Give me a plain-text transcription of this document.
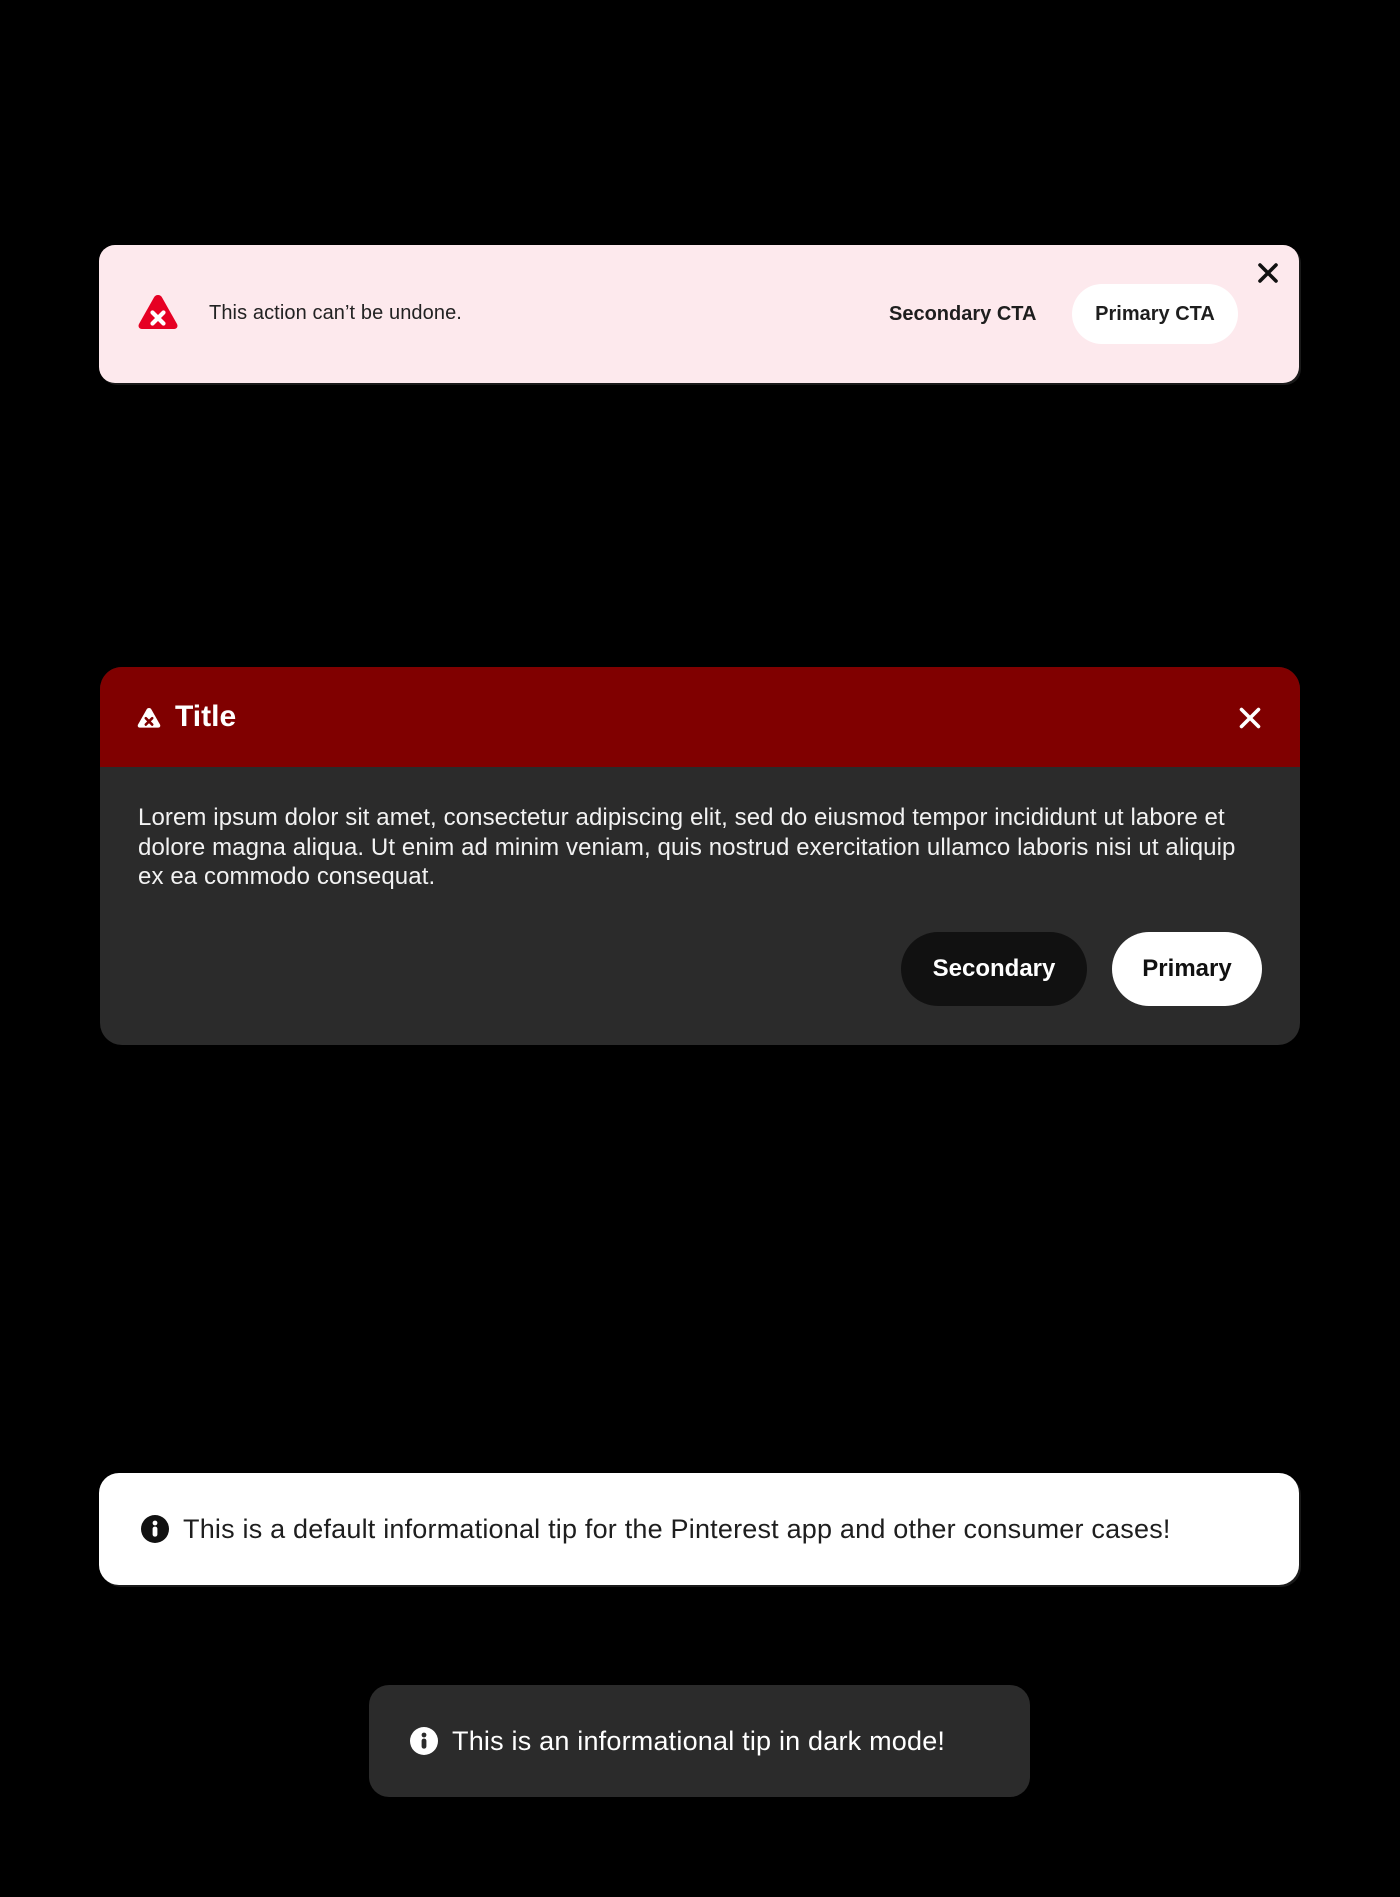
This action can’t be undone.	Secondary CTA	Primary CTA
Title
Lorem ipsum dolor sit amet, consectetur adipiscing elit, sed do eiusmod tempor incididunt ut labore et dolore magna aliqua. Ut enim ad minim veniam, quis nostrud exercitation ullamco laboris nisi ut aliquip ex ea commodo consequat.
Secondary	Primary
This is a default informational tip for the Pinterest app and other consumer cases!
This is an informational tip in dark mode!
